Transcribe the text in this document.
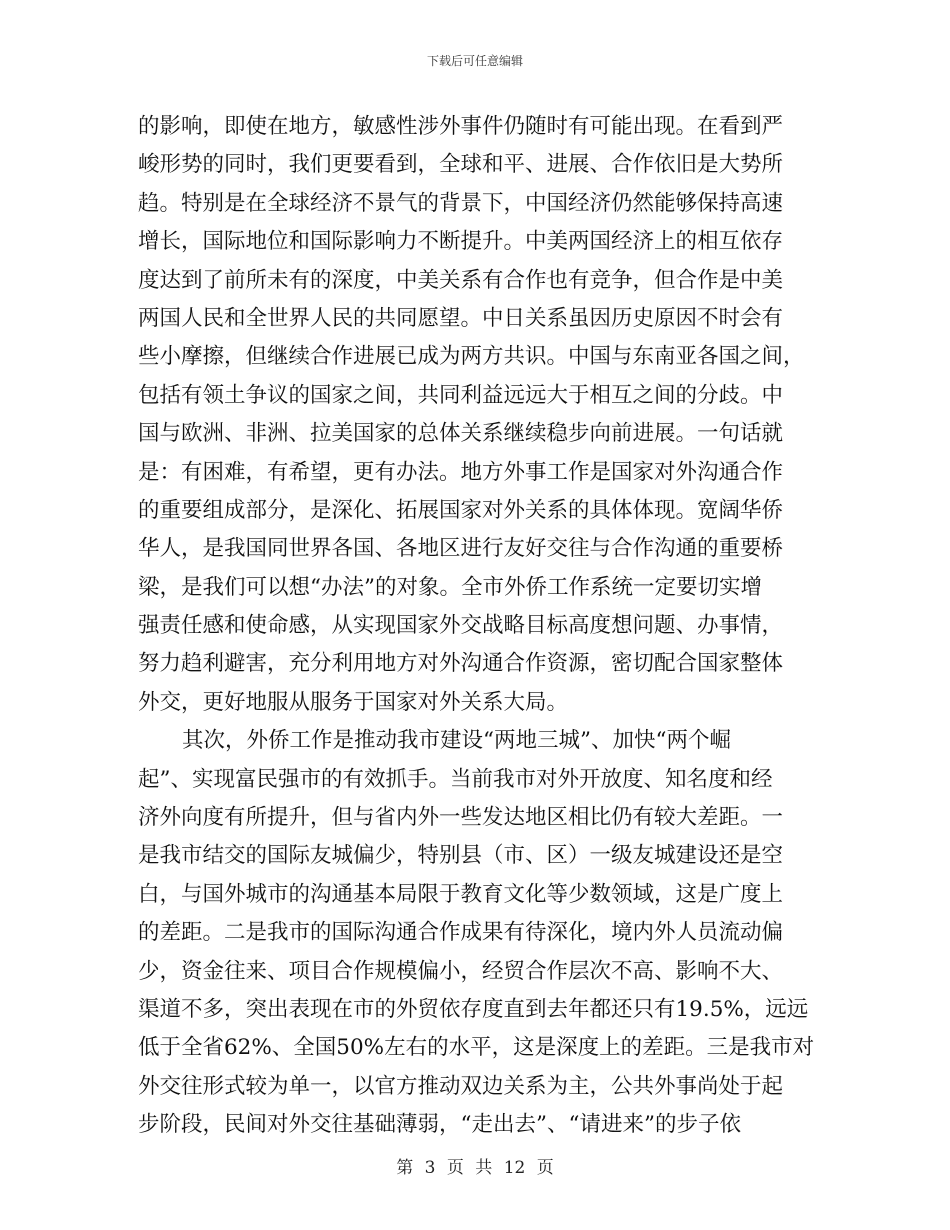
下载后可任意编辑
的影响，即使在地方，敏感性涉外事件仍随时有可能出现。在看到严
峻形势的同时，我们更要看到，全球和平、进展、合作依旧是大势所
趋。特别是在全球经济不景气的背景下，中国经济仍然能够保持高速
增长，国际地位和国际影响力不断提升。中美两国经济上的相互依存
度达到了前所未有的深度，中美关系有合作也有竞争，但合作是中美
两国人民和全世界人民的共同愿望。中日关系虽因历史原因不时会有
些小摩擦，但继续合作进展已成为两方共识。中国与东南亚各国之间，
包括有领土争议的国家之间，共同利益远远大于相互之间的分歧。中
国与欧洲、非洲、拉美国家的总体关系继续稳步向前进展。一句话就
是：有困难，有希望，更有办法。地方外事工作是国家对外沟通合作
的重要组成部分，是深化、拓展国家对外关系的具体体现。宽阔华侨
华人，是我国同世界各国、各地区进行友好交往与合作沟通的重要桥
梁，是我们可以想“办法”的对象。全市外侨工作系统一定要切实增
强责任感和使命感，从实现国家外交战略目标高度想问题、办事情，
努力趋利避害，充分利用地方对外沟通合作资源，密切配合国家整体
外交，更好地服从服务于国家对外关系大局。
其次，外侨工作是推动我市建设“两地三城”、加快“两个崛
起”、实现富民强市的有效抓手。当前我市对外开放度、知名度和经
济外向度有所提升，但与省内外一些发达地区相比仍有较大差距。一
是我市结交的国际友城偏少，特别县（市、区）一级友城建设还是空
白，与国外城市的沟通基本局限于教育文化等少数领域，这是广度上
的差距。二是我市的国际沟通合作成果有待深化，境内外人员流动偏
少，资金往来、项目合作规模偏小，经贸合作层次不高、影响不大、
渠道不多，突出表现在市的外贸依存度直到去年都还只有19.5%，远远
低于全省62%、全国50%左右的水平，这是深度上的差距。三是我市对
外交往形式较为单一，以官方推动双边关系为主，公共外事尚处于起
步阶段，民间对外交往基础薄弱，“走出去”、“请进来”的步子依
第 3 页 共 12 页
